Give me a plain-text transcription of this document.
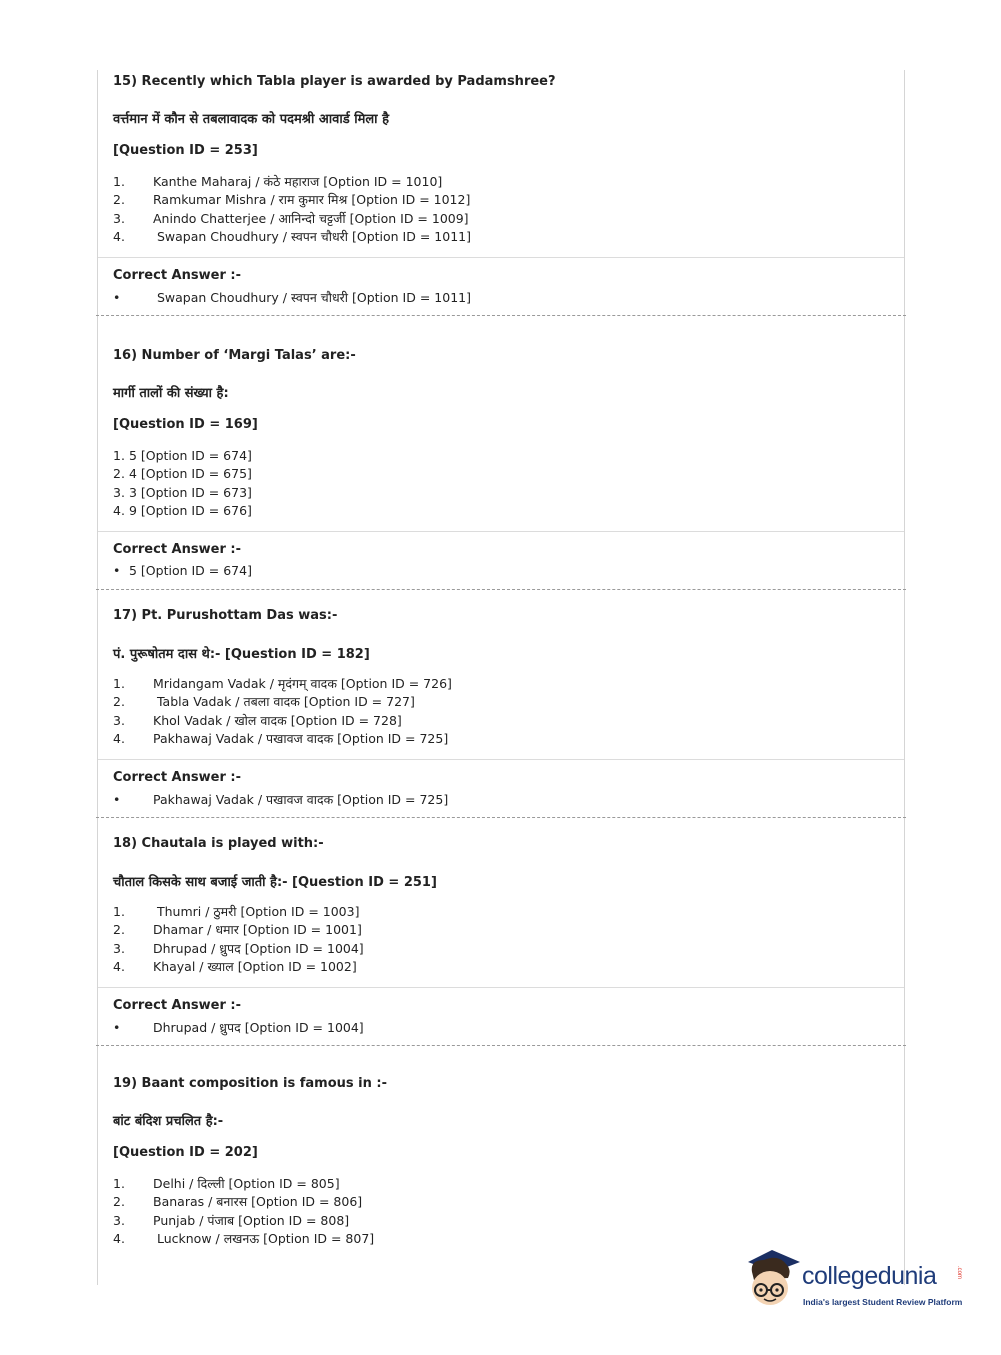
15) Recently which Tabla player is awarded by Padamshree?
वर्त्तमान में कौन से तबलावादक को पदमश्री आवार्ड मिला है
[Question ID = 253]
1. Kanthe Maharaj / कंठे महाराज [Option ID = 1010]
2. Ramkumar Mishra / राम कुमार मिश्र [Option ID = 1012]
3. Anindo Chatterjee / आनिन्दो चट्टर्जी [Option ID = 1009]
4. Swapan Choudhury / स्वपन चौधरी [Option ID = 1011]
Correct Answer :-
•	Swapan Choudhury / स्वपन चौधरी [Option ID = 1011]
16) Number of ‘Margi Talas’ are:-
मार्गी तालों की संख्या है:
[Question ID = 169]
1. 5 [Option ID = 674]
2. 4 [Option ID = 675]
3. 3 [Option ID = 673]
4. 9 [Option ID = 676]
Correct Answer :-
• 5 [Option ID = 674]
17) Pt. Purushottam Das was:-
पं. पुरूषोतम दास थे:- [Question ID = 182]
1. Mridangam Vadak / मृदंगम् वादक [Option ID = 726]
2. Tabla Vadak / तबला वादक [Option ID = 727]
3. Khol Vadak / खोल वादक [Option ID = 728]
4. Pakhawaj Vadak / पखावज वादक [Option ID = 725]
Correct Answer :-
•	Pakhawaj Vadak / पखावज वादक [Option ID = 725]
18) Chautala is played with:-
चौताल किसके साथ बजाई जाती है:- [Question ID = 251]
1. Thumri / ठुमरी [Option ID = 1003]
2. Dhamar / धमार [Option ID = 1001]
3. Dhrupad / ध्रुपद [Option ID = 1004]
4. Khayal / ख्याल [Option ID = 1002]
Correct Answer :-
•	Dhrupad / ध्रुपद [Option ID = 1004]
19) Baant composition is famous in :-
बांट बंदिश प्रचलित है:-
[Question ID = 202]
1. Delhi / दिल्ली [Option ID = 805]
2. Banaras / बनारस [Option ID = 806]
3. Punjab / पंजाब [Option ID = 808]
4. Lucknow / लखनऊ [Option ID = 807]
collegedunia	.com
India's largest Student Review Platform
